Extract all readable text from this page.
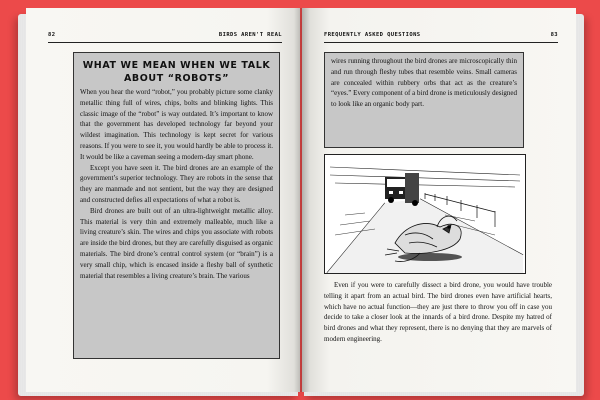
82	BIRDS AREN'T REAL
WHAT WE MEAN WHEN WE TALK ABOUT “ROBOTS”

When you hear the word “robot,” you probably picture some clanky metallic thing full of wires, chips, bolts and blinking lights. This classic image of the “robot” is way outdated. It’s important to know that the government has developed technology far beyond your wildest imagination. This technology is kept secret for various reasons. If you were to see it, you would hardly be able to process it. It would be like a caveman seeing a modern-day smart phone.

Except you have seen it. The bird drones are an example of the government’s superior technology. They are robots in the sense that they are manmade and not sentient, but the way they are designed and constructed defies all expectations of what a robot is.

Bird drones are built out of an ultra-lightweight metallic alloy. This material is very thin and extremely malleable, much like a living creature’s skin. The wires and chips you associate with robots are inside the bird drones, but they are carefully disguised as organic materials. The bird drone’s central control system (or “brain”) is a very small chip, which is encased inside a fleshy ball of synthetic material that resembles a living creature’s brain. The various

FREQUENTLY ASKED QUESTIONS	83

wires running throughout the bird drones are microscopically thin and run through fleshy tubes that resemble veins. Small cameras are concealed within rubbery orbs that act as the creature’s “eyes.” Every component of a bird drone is meticulously designed to look like an organic body part.

Even if you were to carefully dissect a bird drone, you would have trouble telling it apart from an actual bird. The bird drones even have artificial hearts, which have no actual function—they are just there to throw you off in case you decide to take a closer look at the innards of a bird drone. Despite my hatred of bird drones and what they represent, there is no denying that they are marvels of modern engineering.
